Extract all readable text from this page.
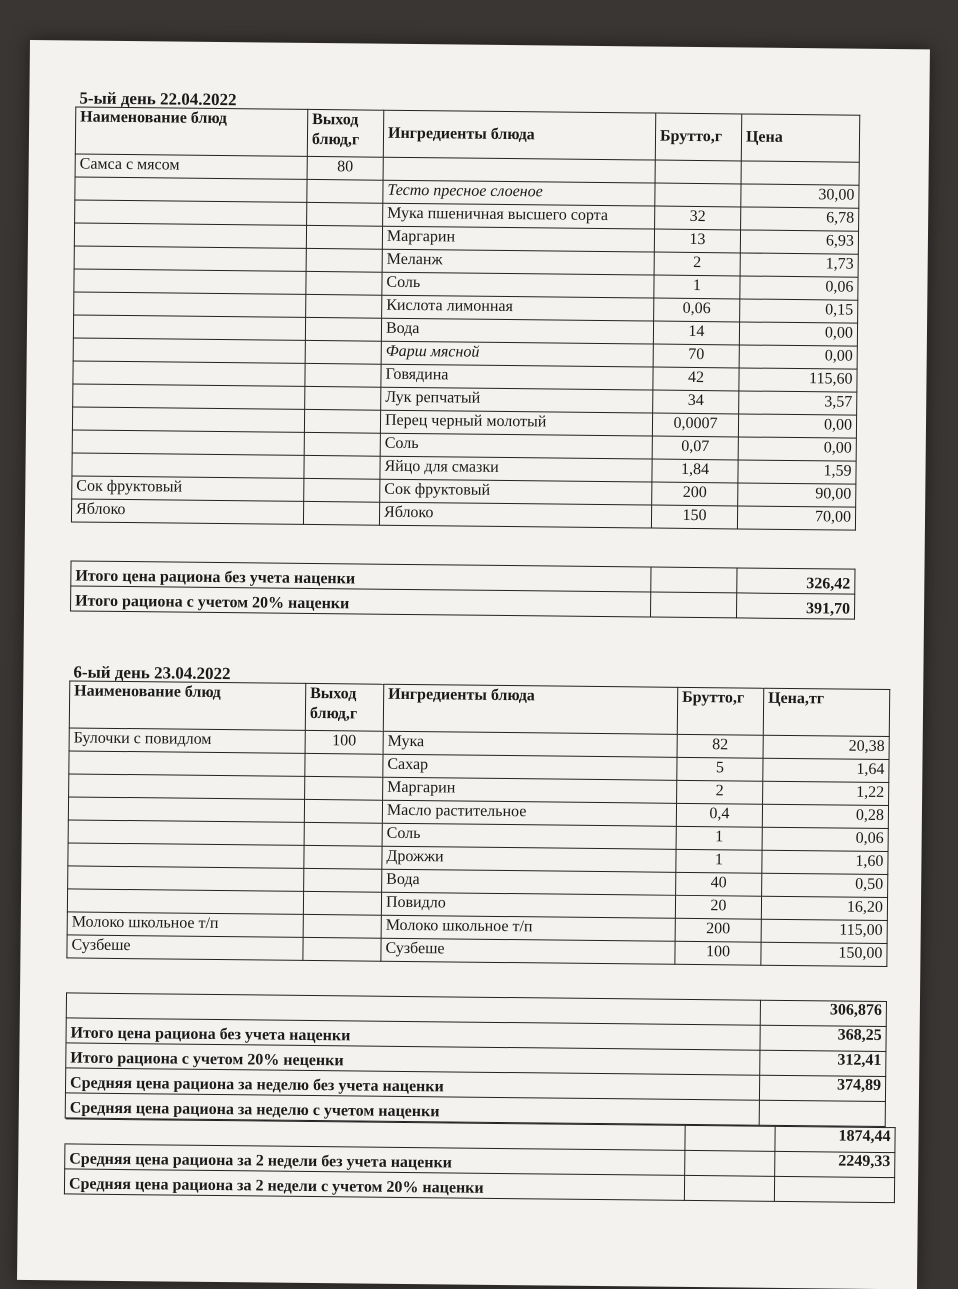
5-ый день 22.04.2022
Наименование блюд	Выход блюд,г	Ингредиенты блюда	Брутто,г	Цена
Самса с мясом	80			
		Тесто пресное слоеное		30,00
		Мука пшеничная высшего сорта	32	6,78
		Маргарин	13	6,93
		Меланж	2	1,73
		Соль	1	0,06
		Кислота лимонная	0,06	0,15
		Вода	14	0,00
		Фарш мясной	70	0,00
		Говядина	42	115,60
		Лук репчатый	34	3,57
		Перец черный молотый	0,0007	0,00
		Соль	0,07	0,00
		Яйцо для смазки	1,84	1,59
Сок фруктовый		Сок фруктовый	200	90,00
Яблоко		Яблоко	150	70,00
Итого цена рациона без учета наценки		326,42
Итого рациона с учетом 20% наценки		391,70
6-ый день 23.04.2022
Наименование блюд	Выход блюд,г	Ингредиенты блюда	Брутто,г	Цена,тг
Булочки с повидлом	100	Мука	82	20,38
		Сахар	5	1,64
		Маргарин	2	1,22
		Масло растительное	0,4	0,28
		Соль	1	0,06
		Дрожжи	1	1,60
		Вода	40	0,50
		Повидло	20	16,20
Молоко школьное т/п		Молоко школьное т/п	200	115,00
Сузбеше		Сузбеше	100	150,00
	306,876
Итого цена рациона без учета наценки	368,25
Итого рациона с учетом 20% неценки	312,41
Средняя цена рациона за неделю без учета наценки	374,89
Средняя цена рациона за неделю с учетом наценки	
		1874,44
Средняя цена рациона за 2 недели без учета наценки		2249,33
Средняя цена рациона за 2 недели с учетом 20% наценки		
